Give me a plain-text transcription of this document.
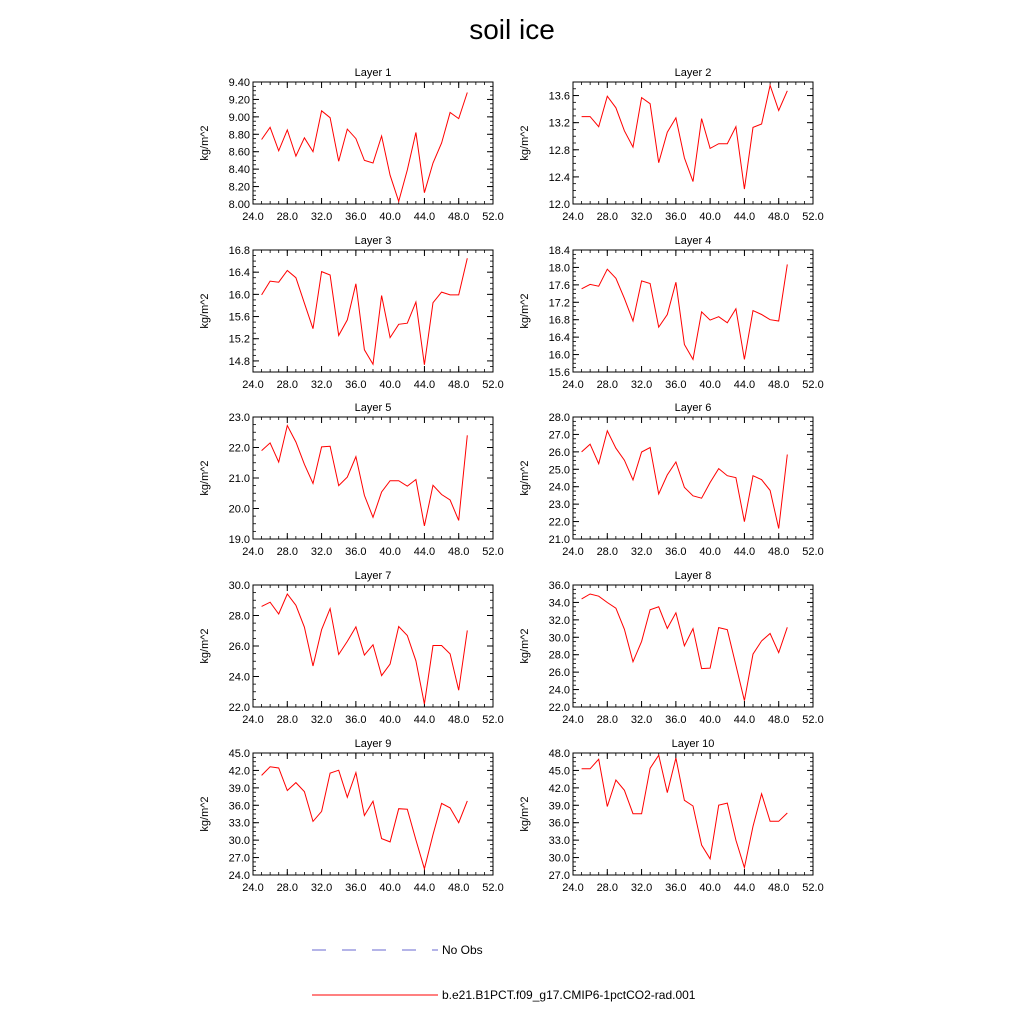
soil ice
Layer 1
24.0 28.0 32.0 36.0 40.0 44.0 48.0 52.0
8.00
8.20
8.40
8.60
8.80
9.00
9.20
9.40
kg/m^2
Layer 2
24.0 28.0 32.0 36.0 40.0 44.0 48.0 52.0
12.0
12.4
12.8
13.2
13.6
kg/m^2
Layer 3
24.0 28.0 32.0 36.0 40.0 44.0 48.0 52.0
14.8
15.2
15.6
16.0
16.4
16.8
kg/m^2
Layer 4
24.0 28.0 32.0 36.0 40.0 44.0 48.0 52.0
15.6
16.0
16.4
16.8
17.2
17.6
18.0
18.4
kg/m^2
Layer 5
24.0 28.0 32.0 36.0 40.0 44.0 48.0 52.0
19.0
20.0
21.0
22.0
23.0
kg/m^2
Layer 6
24.0 28.0 32.0 36.0 40.0 44.0 48.0 52.0
21.0
22.0
23.0
24.0
25.0
26.0
27.0
28.0
kg/m^2
Layer 7
24.0 28.0 32.0 36.0 40.0 44.0 48.0 52.0
22.0
24.0
26.0
28.0
30.0
kg/m^2
Layer 8
24.0 28.0 32.0 36.0 40.0 44.0 48.0 52.0
22.0
24.0
26.0
28.0
30.0
32.0
34.0
36.0
kg/m^2
Layer 9
24.0 28.0 32.0 36.0 40.0 44.0 48.0 52.0
24.0
27.0
30.0
33.0
36.0
39.0
42.0
45.0
kg/m^2
Layer 10
24.0 28.0 32.0 36.0 40.0 44.0 48.0 52.0
27.0
30.0
33.0
36.0
39.0
42.0
45.0
48.0
kg/m^2
No Obs
b.e21.B1PCT.f09_g17.CMIP6-1pctCO2-rad.001
